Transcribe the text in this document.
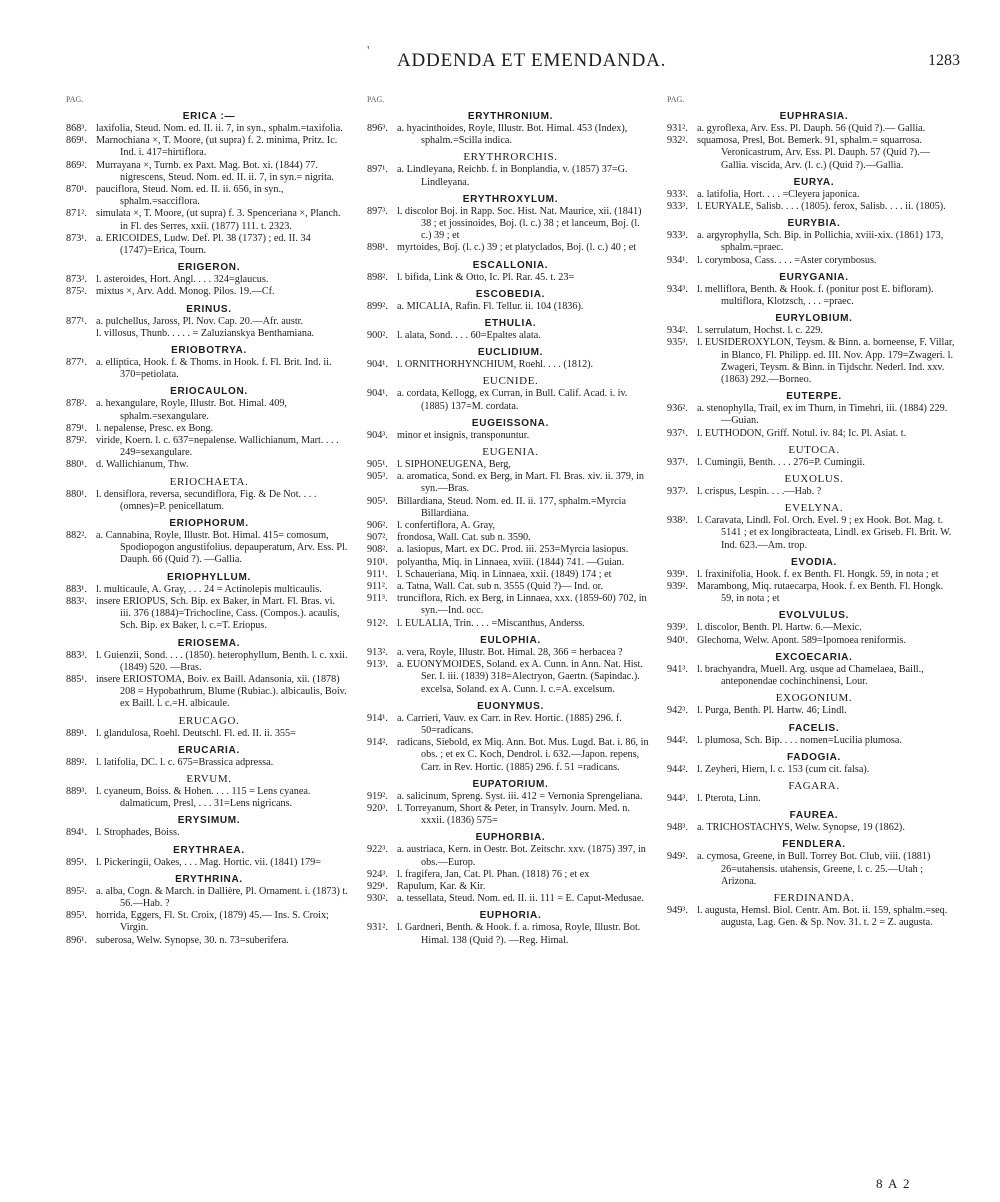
' ADDENDA ET EMENDANDA.	1283
PAG.
ERICA :—
868³. laxifolia, Steud. Nom. ed. II. ii. 7, in syn., sphalm.=taxifolia.
869¹. Marnochiana ×, T. Moore, (ut supra) f. 2. minima, Pritz. Ic. Ind. i. 417=hirtiflora.
869². Murrayana ×, Turnb. ex Paxt. Mag. Bot. xi. (1844) 77. nigrescens, Steud. Nom. ed. II. ii. 7, in syn.= nigrita.
870¹. pauciflora, Steud. Nom. ed. II. ii. 656, in syn., sphalm.=sacciflora.
871². simulata ×, T. Moore, (ut supra) f. 3. Spenceriana ×, Planch. in Fl. des Serres, xxii. (1877) 111. t. 2323.
873¹. a. ERICOIDES, Ludw. Def. Pl. 38 (1737) ; ed. II. 34 (1747)=Erica, Tourn.
ERIGERON.
873³. l. asteroides, Hort. Angl. . . . 324=glaucus.
875². mixtus ×, Arv. Add. Monog. Pilos. 19.—Cf.
ERINUS.
877¹. a. pulchellus, Jaross, Pl. Nov. Cap. 20.—Afr. austr.
l. villosus, Thunb. . . . . = Zaluzianskya Benthamiana.
ERIOBOTRYA.
877¹. a. elliptica, Hook. f. & Thoms. in Hook. f. Fl. Brit. Ind. ii. 370=petiolata.
ERIOCAULON.
878². a. hexangulare, Royle, Illustr. Bot. Himal. 409, sphalm.=sexangulare.
879¹. l. nepalense, Presc. ex Bong.
879². viride, Koern. l. c. 637=nepalense. Wallichianum, Mart. . . . 249=sexangulare.
880¹. d. Wallichianum, Thw.
ERIOCHAETA.
880¹. l. densiflora, reversa, secundiflora, Fig. & De Not. . . . (omnes)=P. penicellatum.
ERIOPHORUM.
882². a. Cannabina, Royle, Illustr. Bot. Himal. 415= comosum, Spodiopogon angustifolius. depauperatum, Arv. Ess. Pl. Dauph. 66 (Quid ?). —Gallia.
ERIOPHYLLUM.
883¹. l. multicaule, A. Gray, . . . 24 = Actinolepis multicaulis.
883². insere ERIOPUS, Sch. Bip. ex Baker, in Mart. Fl. Bras. vi. iii. 376 (1884)=Trichocline, Cass. (Compos.). acaulis, Sch. Bip. ex Baker, l. c.=T. Eriopus.
ERIOSEMA.
883³. l. Guienzii, Sond. . . . (1850). heterophyllum, Benth. l. c. xxii. (1849) 520. —Bras.
885¹. insere ERIOSTOMA, Boiv. ex Baill. Adansonia, xii. (1878) 208 = Hypobathrum, Blume (Rubiac.). albicaulis, Boiv. ex Baill. l. c.=H. albicaule.
ERUCAGO.
889¹. l. glandulosa, Roehl. Deutschl. Fl. ed. II. ii. 355=
ERUCARIA.
889². l. latifolia, DC. l. c. 675=Brassica adpressa.
ERVUM.
889³. l. cyaneum, Boiss. & Hohen. . . . 115 = Lens cyanea. dalmaticum, Presl, . . . 31=Lens nigricans.
ERYSIMUM.
894¹. l. Strophades, Boiss.
ERYTHRAEA.
895¹. l. Pickeringii, Oakes, . . . Mag. Hortic. vii. (1841) 179=
ERYTHRINA.
895². a. alba, Cogn. & March. in Dallière, Pl. Ornament. i. (1873) t. 56.—Hab. ?
895³. horrida, Eggers, Fl. St. Croix, (1879) 45.— Ins. S. Croix; Virgin.
896¹. suberosa, Welw. Synopse, 30. n. 73=suberifera.
PAG.
ERYTHRONIUM.
896³. a. hyacinthoides, Royle, Illustr. Bot. Himal. 453 (Index), sphalm.=Scilla indica.
ERYTHRORCHIS.
897¹. a. Lindleyana, Reichb. f. in Bonplandia, v. (1857) 37=G. Lindleyana.
ERYTHROXYLUM.
897³. l. discolor Boj. in Rapp. Soc. Hist. Nat. Maurice, xii. (1841) 38 ; et jossinoides, Boj. (l. c.) 38 ; et lanceum, Boj. (l. c.) 39 ; et
898¹. myrtoides, Boj. (l. c.) 39 ; et platyclados, Boj. (l. c.) 40 ; et
ESCALLONIA.
898². l. bifida, Link & Otto, Ic. Pl. Rar. 45. t. 23=
ESCOBEDIA.
899². a. MICALIA, Rafin. Fl. Tellur. ii. 104 (1836).
ETHULIA.
900². l. alata, Sond. . . . 60=Epaltes alata.
EUCLIDIUM.
904¹. l. ORNITHORHYNCHIUM, Roehl. . . . (1812).
EUCNIDE.
904¹. a. cordata, Kellogg, ex Curran, in Bull. Calif. Acad. i. iv. (1885) 137=M. cordata.
EUGEISSONA.
904³. minor et insignis, transponuntur.
EUGENIA.
905¹. l. SIPHONEUGENA, Berg,
905³. a. aromatica, Sond. ex Berg, in Mart. Fl. Bras. xiv. ii. 379, in syn.—Bras.
905³. Billardiana, Steud. Nom. ed. II. ii. 177, sphalm.=Myrcia Billardiana.
906². l. confertiflora, A. Gray,
907². frondosa, Wall. Cat. sub n. 3590.
908². a. lasiopus, Mart. ex DC. Prod. iii. 253=Myrcia lasiopus.
910¹. polyantha, Miq. in Linnaea, xviii. (1844) 741. —Guian.
911¹. l. Schaueriana, Miq. in Linnaea, xxii. (1849) 174 ; et
911². a. Tatna, Wall. Cat. sub n. 3555 (Quid ?)— Ind. or.
911³. trunciflora, Rich. ex Berg, in Linnaea, xxx. (1859-60) 702, in syn.—Ind. occ.
912². l. EULALIA, Trin. . . . =Miscanthus, Anderss.
EULOPHIA.
913². a. vera, Royle, Illustr. Bot. Himal. 28, 366 = herbacea ?
913³. a. EUONYMOIDES, Soland. ex A. Cunn. in Ann. Nat. Hist. Ser. I. iii. (1839) 318=Alectryon, Gaertn. (Sapindac.). excelsa, Soland. ex A. Cunn. l. c.=A. excelsum.
EUONYMUS.
914¹. a. Carrieri, Vauv. ex Carr. in Rev. Hortic. (1885) 296. f. 50=radicans.
914². radicans, Siebold, ex Miq. Ann. Bot. Mus. Lugd. Bat. i. 86, in obs. ; et ex C. Koch, Dendrol. i. 632.—Japon. repens, Carr. in Rev. Hortic. (1885) 296. f. 51 =radicans.
EUPATORIUM.
919². a. salicinum, Spreng. Syst. iii. 412 = Vernonia Sprengeliana.
920³. l. Torreyanum, Short & Peter, in Transylv. Journ. Med. n. xxxii. (1836) 575=
EUPHORBIA.
922³. a. austriaca, Kern. in Oestr. Bot. Zeitschr. xxv. (1875) 397, in obs.—Europ.
924³. l. fragifera, Jan, Cat. Pl. Phan. (1818) 76 ; et ex
929¹. Rapulum, Kar. & Kir.
930². a. tessellata, Steud. Nom. ed. II. ii. 111 = E. Caput-Medusae.
EUPHORIA.
931². l. Gardneri, Benth. & Hook. f. a. rimosa, Royle, Illustr. Bot. Himal. 138 (Quid ?). —Reg. Himal.
PAG.
EUPHRASIA.
931². a. gyroflexa, Arv. Ess. Pl. Dauph. 56 (Quid ?).— Gallia.
932². squamosa, Presl, Bot. Bemerk. 91, sphalm.= squarrosa. Veronicastrum, Arv. Ess. Pl. Dauph. 57 (Quid ?).—Gallia. viscida, Arv. (l. c.) (Quid ?).—Gallia.
EURYA.
933². a. latifolia, Hort. . . . =Cleyera japonica.
933³. l. EURYALE, Salisb. . . . (1805). ferox, Salisb. . . . ii. (1805).
EURYBIA.
933³. a. argyrophylla, Sch. Bip. in Pollichia, xviii-xix. (1861) 173, sphalm.=praec.
934¹. l. corymbosa, Cass. . . . =Aster corymbosus.
EURYGANIA.
934³. l. melliflora, Benth. & Hook. f. (ponitur post E. bifloram). multiflora, Klotzsch, . . . =praec.
EURYLOBIUM.
934². l. serrulatum, Hochst. l. c. 229.
935³. l. EUSIDEROXYLON, Teysm. & Binn. a. borneense, F. Villar, in Blanco, Fl. Philipp. ed. III. Nov. App. 179=Zwageri. l. Zwageri, Teysm. & Binn. in Tijdschr. Nederl. Ind. xxv. (1863) 292.—Borneo.
EUTERPE.
936². a. stenophylla, Trail, ex im Thurn, in Timehri, iii. (1884) 229.—Guian.
937¹. l. EUTHODON, Griff. Notul. iv. 84; Ic. Pl. Asiat. t.
EUTOCA.
937¹. l. Cumingii, Benth. . . . 276=P. Cumingii.
EUXOLUS.
937³. l. crispus, Lespin. . . .—Hab. ?
EVELYNA.
938³. l. Caravata, Lindl. Fol. Orch. Evel. 9 ; ex Hook. Bot. Mag. t. 5141 ; et ex longibracteata, Lindl. ex Griseb. Fl. Brit. W. Ind. 623.—Am. trop.
EVODIA.
939¹. l. fraxinifolia, Hook. f. ex Benth. Fl. Hongk. 59, in nota ; et
939². Marambong, Miq. rutaecarpa, Hook. f. ex Benth. Fl. Hongk. 59, in nota ; et
EVOLVULUS.
939³. l. discolor, Benth. Pl. Hartw. 6.—Mexic.
940¹. Glechoma, Welw. Apont. 589=Ipomoea reniformis.
EXCOECARIA.
941³. l. brachyandra, Muell. Arg. usque ad Chamelaea, Baill., anteponendae cochinchinensi, Lour.
EXOGONIUM.
942³. l. Purga, Benth. Pl. Hartw. 46; Lindl.
FACELIS.
944². l. plumosa, Sch. Bip. . . . nomen=Lucilia plumosa.
FADOGIA.
944². l. Zeyheri, Hiern, l. c. 153 (cum cit. falsa).
FAGARA.
944³. l. Pterota, Linn.
FAUREA.
948³. a. TRICHOSTACHYS, Welw. Synopse, 19 (1862).
FENDLERA.
949². a. cymosa, Greene, in Bull. Torrey Bot. Club, viii. (1881) 26=utahensis. utahensis, Greene, l. c. 25.—Utah ; Arizona.
FERDINANDA.
949³. l. augusta, Hemsl. Biol. Centr. Am. Bot. ii. 159, sphalm.=seq. augusta, Lag. Gen. & Sp. Nov. 31. t. 2 = Z. augusta.
8 A 2
